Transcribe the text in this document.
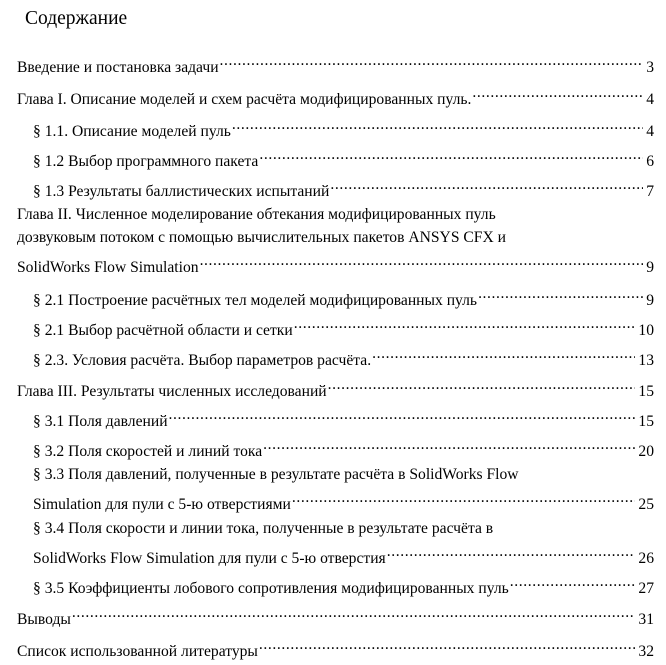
Содержание
Введение и постановка задачи .....	3
Глава I. Описание моделей и схем расчёта модифицированных пуль. .....	4
§ 1.1. Описание моделей пуль .....	4
§ 1.2 Выбор программного пакета .....	6
§ 1.3 Результаты баллистических испытаний .....	7
Глава II. Численное моделирование обтекания модифицированных пуль
дозвуковым потоком с помощью вычислительных пакетов ANSYS CFX и
SolidWorks Flow Simulation .....	9
§ 2.1 Построение расчётных тел моделей модифицированных пуль .....	9
§ 2.1 Выбор расчётной области и сетки .....	10
§ 2.3. Условия расчёта. Выбор параметров расчёта. .....	13
Глава III. Результаты численных исследований .....	15
§ 3.1 Поля давлений .....	15
§ 3.2 Поля скоростей и линий тока .....	20
§ 3.3 Поля давлений, полученные в результате расчёта в SolidWorks Flow
Simulation для пули с 5-ю отверстиями .....	25
§ 3.4 Поля скорости и линии тока, полученные в результате расчёта в
SolidWorks Flow Simulation для пули с 5-ю отверстия .....	26
§ 3.5 Коэффициенты лобового сопротивления модифицированных пуль .....	27
Выводы .....	31
Список использованной литературы .....	32
